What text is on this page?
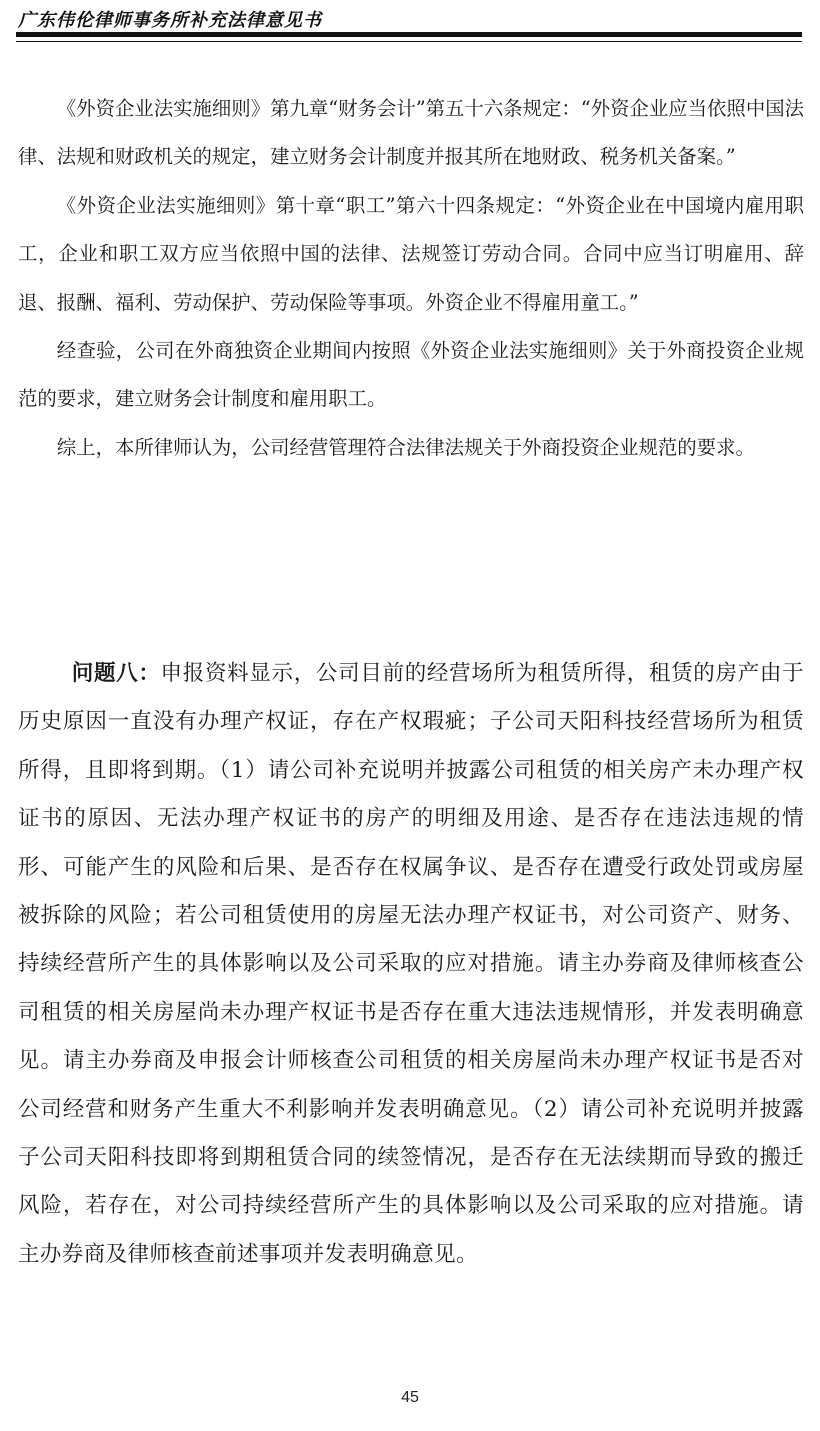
广东伟伦律师事务所补充法律意见书

《外资企业法实施细则》第九章“财务会计”第五十六条规定：“外资企业应当依照中国法律、法规和财政机关的规定，建立财务会计制度并报其所在地财政、税务机关备案。”

《外资企业法实施细则》第十章“职工”第六十四条规定：“外资企业在中国境内雇用职工，企业和职工双方应当依照中国的法律、法规签订劳动合同。合同中应当订明雇用、辞退、报酬、福利、劳动保护、劳动保险等事项。外资企业不得雇用童工。”

经查验，公司在外商独资企业期间内按照《外资企业法实施细则》关于外商投资企业规范的要求，建立财务会计制度和雇用职工。

综上，本所律师认为，公司经营管理符合法律法规关于外商投资企业规范的要求。

问题八：申报资料显示，公司目前的经营场所为租赁所得，租赁的房产由于历史原因一直没有办理产权证，存在产权瑕疵；子公司天阳科技经营场所为租赁所得，且即将到期。（1）请公司补充说明并披露公司租赁的相关房产未办理产权证书的原因、无法办理产权证书的房产的明细及用途、是否存在违法违规的情形、可能产生的风险和后果、是否存在权属争议、是否存在遭受行政处罚或房屋被拆除的风险；若公司租赁使用的房屋无法办理产权证书，对公司资产、财务、持续经营所产生的具体影响以及公司采取的应对措施。请主办券商及律师核查公司租赁的相关房屋尚未办理产权证书是否存在重大违法违规情形，并发表明确意见。请主办券商及申报会计师核查公司租赁的相关房屋尚未办理产权证书是否对公司经营和财务产生重大不利影响并发表明确意见。（2）请公司补充说明并披露子公司天阳科技即将到期租赁合同的续签情况，是否存在无法续期而导致的搬迁风险，若存在，对公司持续经营所产生的具体影响以及公司采取的应对措施。请主办券商及律师核查前述事项并发表明确意见。

45
